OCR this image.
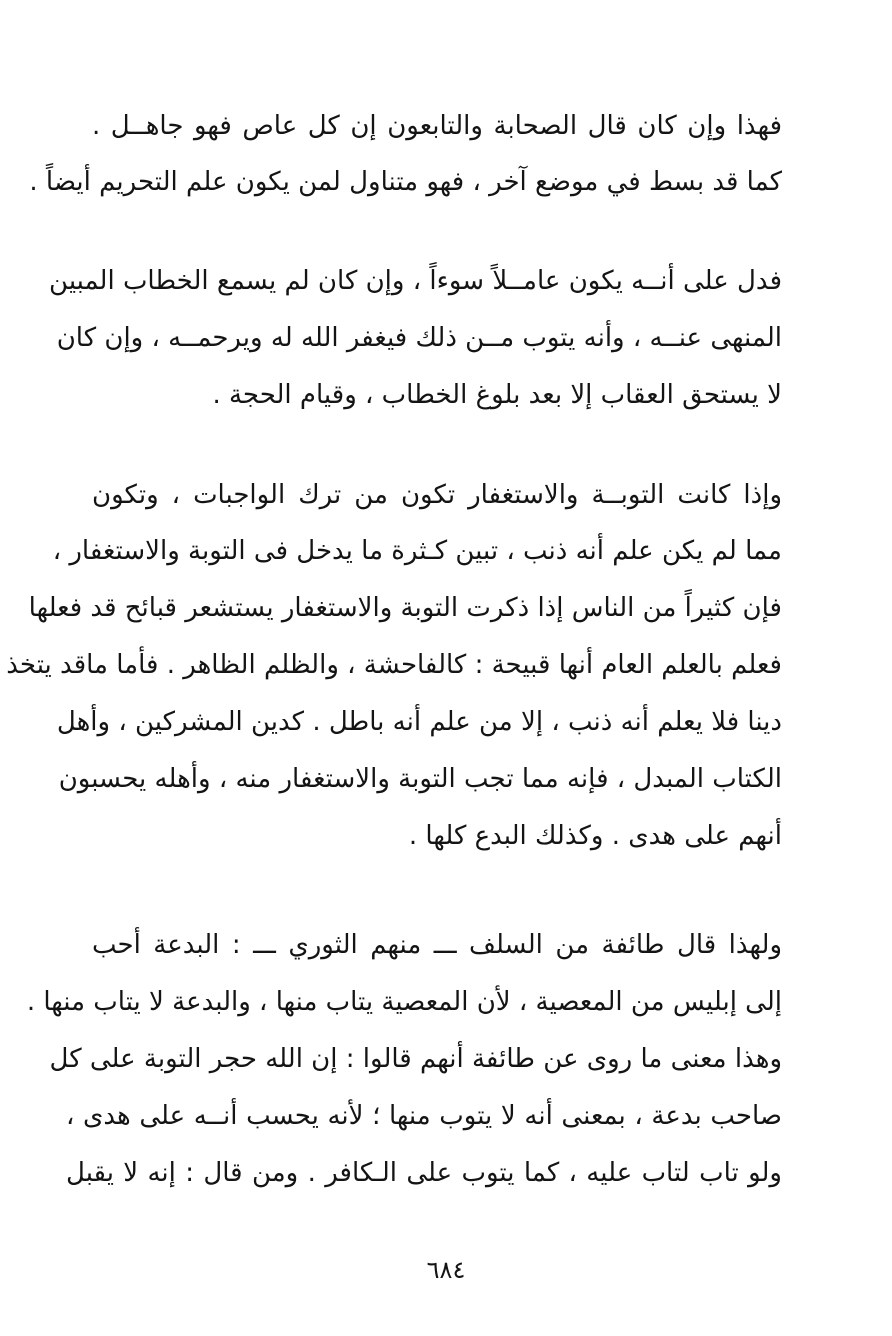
فهذا وإن كان قال الصحابة والتابعون إن كل عاص فهو جاهــل .
كما قد بسط في موضع آخر ، فهو متناول لمن يكون علم التحريم أيضاً .
فدل على أنــه يكون عامــلاً سوءاً ، وإن كان لم يسمع الخطاب المبين
المنهى عنــه ، وأنه يتوب مــن ذلك فيغفر الله له ويرحمــه ، وإن كان
لا يستحق العقاب إلا بعد بلوغ الخطاب ، وقيام الحجة .
وإذا كانت التوبــة والاستغفار تكون من ترك الواجبات ، وتكون
مما لم يكن علم أنه ذنب ، تبين كـثرة ما يدخل فى التوبة والاستغفار ،
فإن كثيراً من الناس إذا ذكرت التوبة والاستغفار يستشعر قبائح قد فعلها
فعلم بالعلم العام أنها قبيحة : كالفاحشة ، والظلم الظاهر . فأما ماقد يتخذ
دينا فلا يعلم أنه ذنب ، إلا من علم أنه باطل . كدين المشركين ، وأهل
الكتاب المبدل ، فإنه مما تجب التوبة والاستغفار منه ، وأهله يحسبون
أنهم على هدى . وكذلك البدع كلها .
ولهذا قال طائفة من السلف ـــ منهم الثوري ـــ : البدعة أحب
إلى إبليس من المعصية ، لأن المعصية يتاب منها ، والبدعة لا يتاب منها .
وهذا معنى ما روى عن طائفة أنهم قالوا : إن الله حجر التوبة على كل
صاحب بدعة ، بمعنى أنه لا يتوب منها ؛ لأنه يحسب أنــه على هدى ،
ولو تاب لتاب عليه ، كما يتوب على الـكافر . ومن قال : إنه لا يقبل
٦٨٤
